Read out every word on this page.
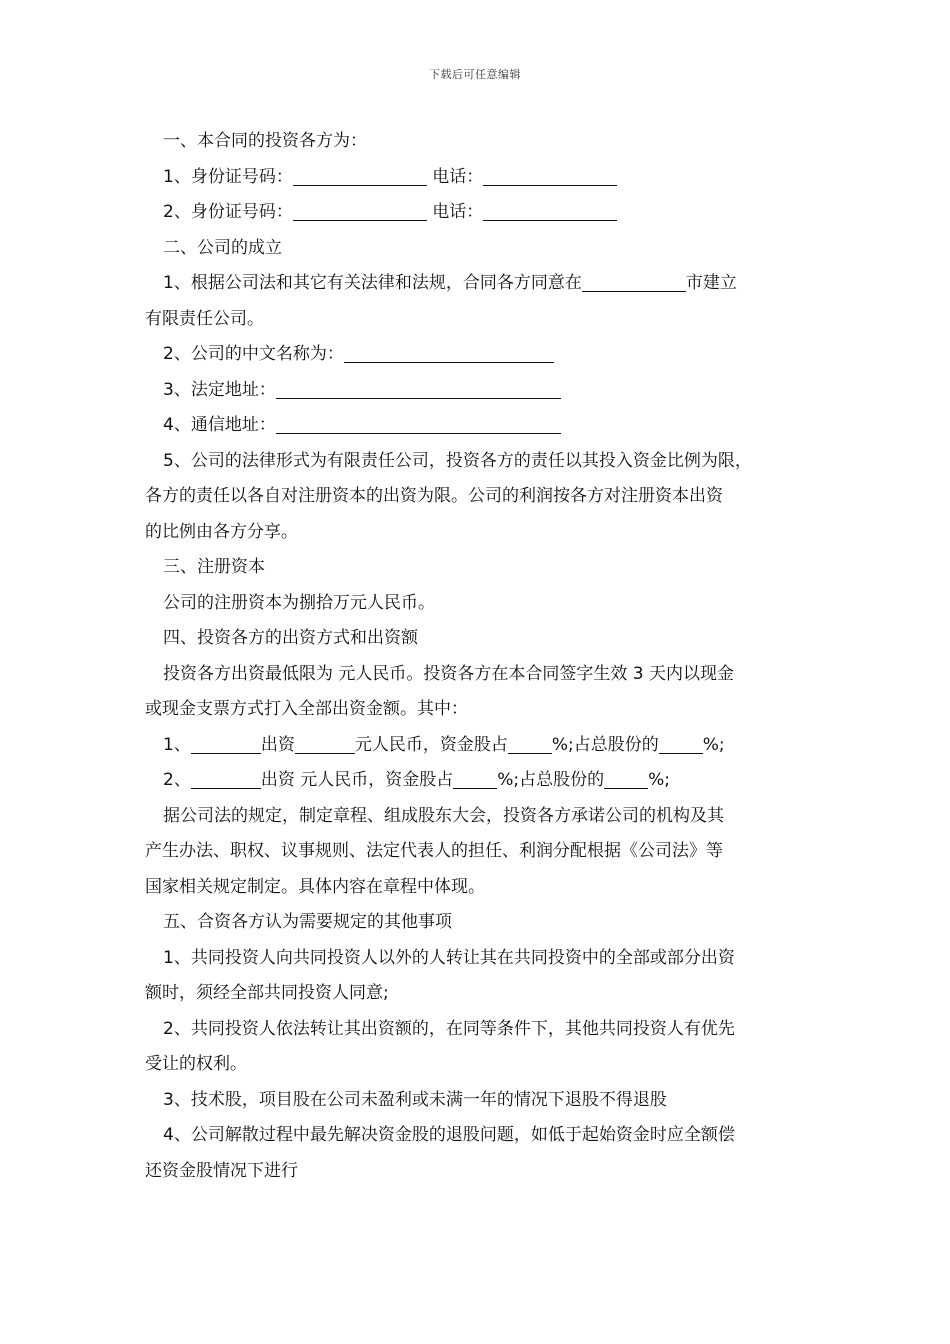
下载后可任意编辑
一、本合同的投资各方为：
1、身份证号码：	电话：
2、身份证号码：	电话：
二、公司的成立
1、根据公司法和其它有关法律和法规，合同各方同意在	市建立
有限责任公司。
2、公司的中文名称为：
3、法定地址：
4、通信地址：
5、公司的法律形式为有限责任公司，投资各方的责任以其投入资金比例为限，
各方的责任以各自对注册资本的出资为限。公司的利润按各方对注册资本出资
的比例由各方分享。
三、注册资本
公司的注册资本为捌拾万元人民币。
四、投资各方的出资方式和出资额
投资各方出资最低限为 元人民币。投资各方在本合同签字生效 3 天内以现金
或现金支票方式打入全部出资金额。其中：
1、	出资	元人民币，资金股占	%;占总股份的	%;
2、	出资 元人民币，资金股占	%;占总股份的	%;
据公司法的规定，制定章程、组成股东大会，投资各方承诺公司的机构及其
产生办法、职权、议事规则、法定代表人的担任、利润分配根据《公司法》等
国家相关规定制定。具体内容在章程中体现。
五、合资各方认为需要规定的其他事项
1、共同投资人向共同投资人以外的人转让其在共同投资中的全部或部分出资
额时，须经全部共同投资人同意;
2、共同投资人依法转让其出资额的，在同等条件下，其他共同投资人有优先
受让的权利。
3、技术股，项目股在公司未盈利或未满一年的情况下退股不得退股
4、公司解散过程中最先解决资金股的退股问题，如低于起始资金时应全额偿
还资金股情况下进行
